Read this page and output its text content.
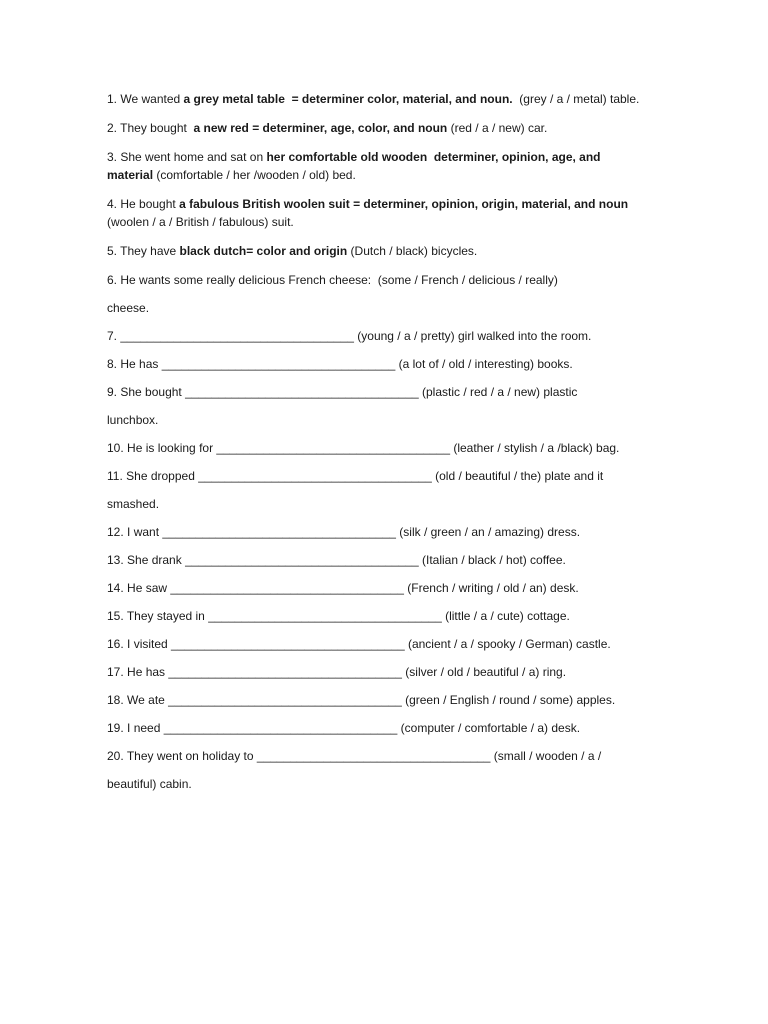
1. We wanted a grey metal table  = determiner color, material, and noun.  (grey / a / metal) table.
2. They bought  a new red = determiner, age, color, and noun (red / a / new) car.
3. She went home and sat on her comfortable old wooden  determiner, opinion, age, and
material (comfortable / her /wooden / old) bed.
4. He bought a fabulous British woolen suit = determiner, opinion, origin, material, and noun
(woolen / a / British / fabulous) suit.
5. They have black dutch= color and origin (Dutch / black) bicycles.
6. He wants some really delicious French cheese:  (some / French / delicious / really)
cheese.
7. ___________________________________ (young / a / pretty) girl walked into the room.
8. He has ___________________________________ (a lot of / old / interesting) books.
9. She bought ___________________________________ (plastic / red / a / new) plastic
lunchbox.
10. He is looking for ___________________________________ (leather / stylish / a /black) bag.
11. She dropped ___________________________________ (old / beautiful / the) plate and it
smashed.
12. I want ___________________________________ (silk / green / an / amazing) dress.
13. She drank ___________________________________ (Italian / black / hot) coffee.
14. He saw ___________________________________ (French / writing / old / an) desk.
15. They stayed in ___________________________________ (little / a / cute) cottage.
16. I visited ___________________________________ (ancient / a / spooky / German) castle.
17. He has ___________________________________ (silver / old / beautiful / a) ring.
18. We ate ___________________________________ (green / English / round / some) apples.
19. I need ___________________________________ (computer / comfortable / a) desk.
20. They went on holiday to ___________________________________ (small / wooden / a /
beautiful) cabin.
